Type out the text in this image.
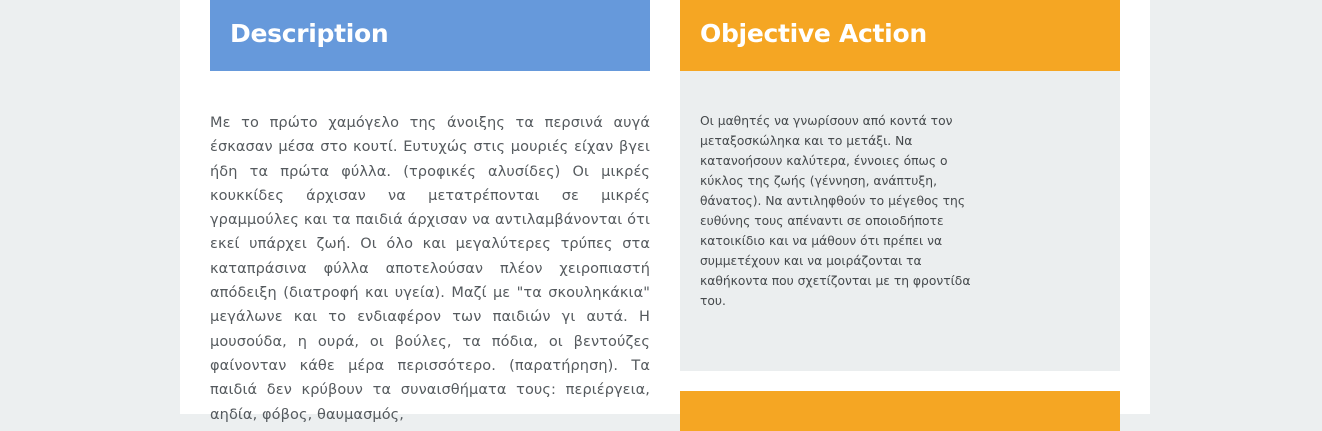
Description

Με το πρώτο χαμόγελο της άνοιξης τα περσινά αυγά έσκασαν μέσα στο κουτί. Ευτυχώς στις μουριές είχαν βγει ήδη τα πρώτα φύλλα. (τροφικές αλυσίδες) Οι μικρές κουκκίδες άρχισαν να μετατρέπονται σε μικρές γραμμούλες και τα παιδιά άρχισαν να αντιλαμβάνονται ότι εκεί υπάρχει ζωή. Οι όλο και μεγαλύτερες τρύπες στα καταπράσινα φύλλα αποτελούσαν πλέον χειροπιαστή απόδειξη (διατροφή και υγεία). Μαζί με "τα σκουληκάκια" μεγάλωνε και το ενδιαφέρον των παιδιών γι αυτά. Η μουσούδα, η ουρά, οι βούλες, τα πόδια, οι βεντούζες φαίνονταν κάθε μέρα περισσότερο. (παρατήρηση). Τα παιδιά δεν κρύβουν τα συναισθήματα τους: περιέργεια, αηδία, φόβος, θαυμασμός,

Objective Action

Οι μαθητές να γνωρίσουν από κοντά τον μεταξοσκώληκα και το μετάξι. Να κατανοήσουν καλύτερα, έννοιες όπως ο κύκλος της ζωής (γέννηση, ανάπτυξη, θάνατος). Να αντιληφθούν το μέγεθος της ευθύνης τους απέναντι σε οποιοδήποτε κατοικίδιο και να μάθουν ότι πρέπει να συμμετέχουν και να μοιράζονται τα καθήκοντα που σχετίζονται με τη φροντίδα του.
